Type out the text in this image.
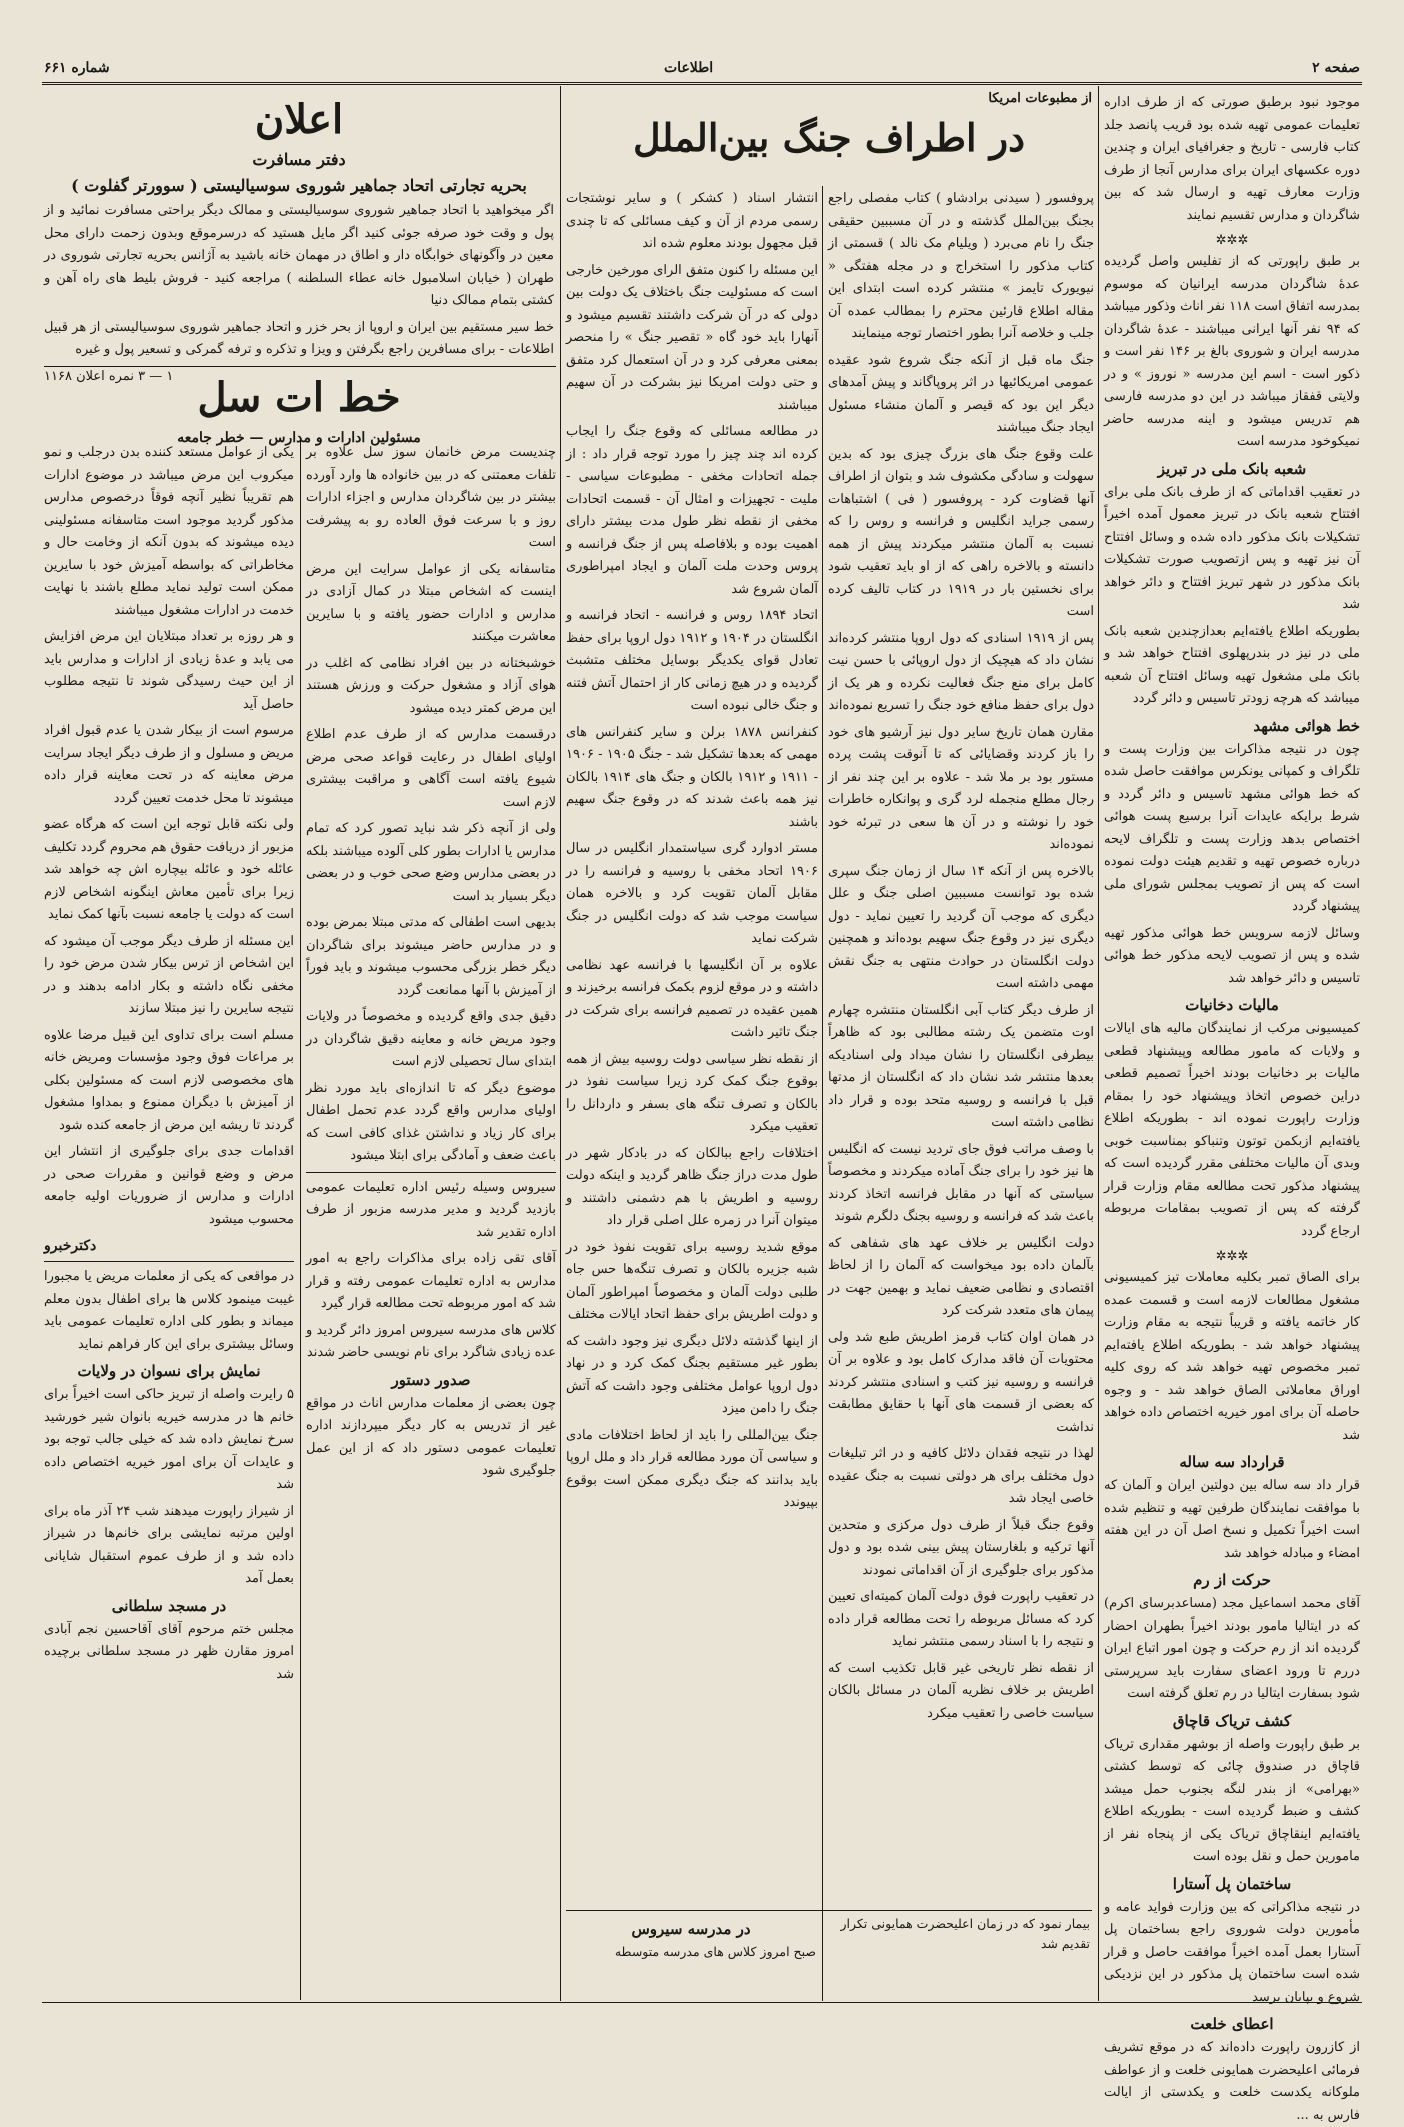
صفحه ۲
اطلاعات
شماره ۶۶۱

موجود نبود برطبق صورتی که از طرف اداره تعلیمات عمومی تهیه شده بود قریب پانصد جلد کتاب فارسی - تاریخ و جغرافیای ایران و چندین دوره عکسهای ایران برای مدارس آنجا از طرف وزارت معارف تهیه و ارسال شد که بین شاگردان و مدارس تقسیم نمایند

✲✲✲

بر طبق راپورتی که از تفلیس واصل گردیده عدهٔ شاگردان مدرسه ایرانیان که موسوم بمدرسه اتفاق است ۱۱۸ نفر اناث وذکور میباشد که ۹۴ نفر آنها ایرانی میباشند - عدهٔ شاگردان مدرسه ایران و شوروی بالغ بر ۱۴۶ نفر است و ذکور است - اسم این مدرسه « نوروز » و در ولایتی قفقاز میباشد در این دو مدرسه فارسی هم تدریس میشود و اینه مدرسه حاضر نمیکوخود مدرسه است

شعبه بانک ملی در تبریز

در تعقیب اقداماتی که از طرف بانک ملی برای افتتاح شعبه بانک در تبریز معمول آمده اخیراً تشکیلات بانک مذکور داده شده و وسائل افتتاح آن نیز تهیه و پس ازتصویب صورت تشکیلات بانک مذکور در شهر تبریز افتتاح و دائر خواهد شد

بطوریکه اطلاع یافته‌ایم بعدازچندین شعبه بانک ملی در نیز در بندرپهلوی افتتاح خواهد شد و بانک ملی مشغول تهیه وسائل افتتاح آن شعبه میباشد که هرچه زودتر تاسیس و دائر گردد

خط هوائی مشهد

چون در نتیجه مذاکرات بین وزارت پست و تلگراف و کمپانی یونکرس موافقت حاصل شده که خط هوائی مشهد تاسیس و دائر گردد و شرط برایکه عایدات آنرا برسیع پست هوائی اختصاص بدهد وزارت پست و تلگراف لایحه درباره خصوص تهیه و تقدیم هیئت دولت نموده است که پس از تصویب بمجلس شورای ملی پیشنهاد گردد

وسائل لازمه سرویس خط هوائی مذکور تهیه شده و پس از تصویب لایحه مذکور خط هوائی تاسیس و دائر خواهد شد

مالیات دخانیات

کمیسیونی مرکب از نمایندگان مالیه های ایالات و ولایات که مامور مطالعه وپیشنهاد قطعی مالیات بر دخانیات بودند اخیراً تصمیم قطعی دراین خصوص اتخاذ وپیشنهاد خود را بمقام وزارت راپورت نموده اند - بطوریکه اطلاع یافته‌ایم ازبکمن توتون وتنباکو بمناسبت خوبی وبدی آن مالیات مختلفی مقرر گردیده است که پیشنهاد مذکور تحت مطالعه مقام وزارت قرار گرفته که پس از تصویب بمقامات مربوطه ارجاع گردد

✲✲✲

برای الصاق تمبر بکلیه معاملات تیز کمیسیونی مشغول مطالعات لازمه است و قسمت عمده کار خاتمه یافته و قریباً نتیجه به مقام وزارت پیشنهاد خواهد شد - بطوریکه اطلاع یافته‌ایم تمبر مخصوص تهیه خواهد شد که روی کلیه اوراق معاملاتی الصاق خواهد شد - و وجوه حاصله آن برای امور خیریه اختصاص داده خواهد شد

قرارداد سه ساله

قرار داد سه ساله بین دولتین ایران و آلمان که با موافقت نمایندگان طرفین تهیه و تنظیم شده است اخیراً تکمیل و نسخ اصل آن در این هفته امضاء و مبادله خواهد شد

حرکت از رم

آقای محمد اسماعیل مجد (مساعدبرسای اکرم) که در ایتالیا مامور بودند اخیراً بطهران احضار گردیده اند از رم حرکت و چون امور اتباع ایران دررم تا ورود اعضای سفارت باید سرپرستی شود بسفارت ایتالیا در رم تعلق گرفته است

کشف تریاک قاچاق

بر طبق راپورت واصله از بوشهر مقداری تریاک قاچاق در صندوق چائی که توسط کشتی «بهرامی» از بندر لنگه بجنوب حمل میشد کشف و ضبط گردیده است - بطوریکه اطلاع یافته‌ایم اینقاچاق تریاک یکی از پنجاه نفر از مامورین حمل و نقل بوده است

ساختمان پل آستارا

در نتیجه مذاکراتی که بین وزارت فواید عامه و مأمورین دولت شوروی راجع بساختمان پل آستارا بعمل آمده اخیراً موافقت حاصل و قرار شده است ساختمان پل مذکور در این نزدیکی شروع و بپایان برسد

اعطای خلعت

از کازرون راپورت داده‌اند که در موقع تشریف فرمائی اعلیحضرت همایونی خلعت و از عواطف ملوکانه یکدست خلعت و یکدستی از ایالت فارس به ...

از مطبوعات امریکا
در اطراف جنگ بین‌الملل

پروفسور ( سیدنی برادشاو ) کتاب مفصلی راجع بجنگ بین‌الملل گذشته و در آن مسببین حقیقی جنگ را نام می‌برد ( ویلیام مک نالد ) قسمتی از کتاب مذکور را استخراج و در مجله هفتگی « نیویورک تایمز » منتشر کرده است ابتدای این مقاله اطلاع قارئین محترم را بمطالب عمده آن جلب و خلاصه آنرا بطور اختصار توجه مینمایند

جنگ ماه قبل از آنکه جنگ شروع شود عقیده عمومی امریکائیها در اثر پروپاگاند و پیش آمدهای دیگر این بود که قیصر و آلمان منشاء مسئول ایجاد جنگ میباشند

علت وقوع جنگ های بزرگ چیزی بود که بدین سهولت و سادگی مکشوف شد و بتوان از اطراف آنها قضاوت کرد - پروفسور ( فی ) اشتباهات رسمی جراید انگلیس و فرانسه و روس را که نسبت به آلمان منتشر میکردند پیش از همه دانسته و بالاخره راهی که از او باید تعقیب شود برای نخستین بار در ۱۹۱۹ در کتاب تالیف کرده است

پس از ۱۹۱۹ اسنادی که دول اروپا منتشر کرده‌اند نشان داد که هیچیک از دول اروپائی با حسن نیت کامل برای منع جنگ فعالیت نکرده و هر یک از دول برای حفظ منافع خود جنگ را تسریع نموده‌اند

مقارن همان تاریخ سایر دول نیز آرشیو های خود را باز کردند وقضایائی که تا آنوقت پشت پرده مستور بود بر ملا شد - علاوه بر این چند نفر از رجال مطلع منجمله لرد گری و پوانکاره خاطرات خود را نوشته و در آن ها سعی در تبرئه خود نموده‌اند

بالاخره پس از آنکه ۱۴ سال از زمان جنگ سپری شده بود توانست مسببین اصلی جنگ و علل دیگری که موجب آن گردید را تعیین نماید - دول دیگری نیز در وقوع جنگ سهیم بوده‌اند و همچنین دولت انگلستان در حوادث منتهی به جنگ نقش مهمی داشته است

از طرف دیگر کتاب آبی انگلستان منتشره چهارم اوت متضمن یک رشته مطالبی بود که ظاهراً بیطرفی انگلستان را نشان میداد ولی اسنادیکه بعدها منتشر شد نشان داد که انگلستان از مدتها قبل با فرانسه و روسیه متحد بوده و قرار داد نظامی داشته است

با وصف مراتب فوق جای تردید نیست که انگلیس ها نیز خود را برای جنگ آماده میکردند و مخصوصاً سیاستی که آنها در مقابل فرانسه اتخاذ کردند باعث شد که فرانسه و روسیه بجنگ دلگرم شوند

دولت انگلیس بر خلاف عهد های شفاهی که بآلمان داده بود میخواست که آلمان را از لحاظ اقتصادی و نظامی ضعیف نماید و بهمین جهت در پیمان های متعدد شرکت کرد

در همان اوان کتاب قرمز اطریش طبع شد ولی محتویات آن فاقد مدارک کامل بود و علاوه بر آن فرانسه و روسیه نیز کتب و اسنادی منتشر کردند که بعضی از قسمت های آنها با حقایق مطابقت نداشت

لهذا در نتیجه فقدان دلائل کافیه و در اثر تبلیغات دول مختلف برای هر دولتی نسبت به جنگ عقیده خاصی ایجاد شد

وقوع جنگ قبلاً از طرف دول مرکزی و متحدین آنها ترکیه و بلغارستان پیش بینی شده بود و دول مذکور برای جلوگیری از آن اقداماتی نمودند

در تعقیب راپورت فوق دولت آلمان کمیته‌ای تعیین کرد که مسائل مربوطه را تحت مطالعه قرار داده و نتیجه را با اسناد رسمی منتشر نماید

از نقطه نظر تاریخی غیر قابل تکذیب است که اطریش بر خلاف نظریه آلمان در مسائل بالکان سیاست خاصی را تعقیب میکرد

انتشار اسناد ( کشکر ) و سایر نوشتجات رسمی مردم از آن و کیف مسائلی که تا چندی قبل مجهول بودند معلوم شده اند

این مسئله را کنون متفق الرای مورخین خارجی است که مسئولیت جنگ باختلاف یک دولت بین دولی که در آن شرکت داشتند تقسیم میشود و آنهارا باید خود گاه « تقصیر جنگ » را منحصر بمعنی معرفی کرد و در آن استعمال کرد متفق و حتی دولت امریکا نیز بشرکت در آن سهیم میباشند

در مطالعه مسائلی که وقوع جنگ را ایجاب کرده اند چند چیز را مورد توجه قرار داد : از جمله اتحادات مخفی - مطبوعات سیاسی - ملیت - تجهیزات و امثال آن - قسمت اتحادات مخفی از نقطه نظر طول مدت بیشتر دارای اهمیت بوده و بلافاصله پس از جنگ فرانسه و پروس وحدت ملت آلمان و ایجاد امپراطوری آلمان شروع شد

اتحاد ۱۸۹۴ روس و فرانسه - اتحاد فرانسه و انگلستان در ۱۹۰۴ و ۱۹۱۲ دول اروپا برای حفظ تعادل قوای یکدیگر بوسایل مختلف متشبث گردیده و در هیچ زمانی کار از احتمال آتش فتنه و جنگ خالی نبوده است

کنفرانس ۱۸۷۸ برلن و سایر کنفرانس های مهمی که بعدها تشکیل شد - جنگ ۱۹۰۵ - ۱۹۰۶ - ۱۹۱۱ و ۱۹۱۲ بالکان و جنگ های ۱۹۱۴ بالکان نیز همه باعث شدند که در وقوع جنگ سهیم باشند

مستر ادوارد گری سیاستمدار انگلیس در سال ۱۹۰۶ اتحاد مخفی با روسیه و فرانسه را در مقابل آلمان تقویت کرد و بالاخره همان سیاست موجب شد که دولت انگلیس در جنگ شرکت نماید

علاوه بر آن انگلیسها با فرانسه عهد نظامی داشته و در موقع لزوم بکمک فرانسه برخیزند و همین عقیده در تصمیم فرانسه برای شرکت در جنگ تاثیر داشت

از نقطه نظر سیاسی دولت روسیه بیش از همه بوقوع جنگ کمک کرد زیرا سیاست نفوذ در بالکان و تصرف تنگه های بسفر و داردانل را تعقیب میکرد

اختلافات راجع ببالکان که در بادکار شهر در طول مدت دراز جنگ ظاهر گردید و اینکه دولت روسیه و اطریش با هم دشمنی داشتند و میتوان آنرا در زمره علل اصلی قرار داد

موقع شدید روسیه برای تقویت نفوذ خود در شبه جزیره بالکان و تصرف تنگه‌ها حس جاه طلبی دولت آلمان و مخصوصاً امپراطور آلمان و دولت اطریش برای حفظ اتحاد ایالات مختلف

از اینها گذشته دلائل دیگری نیز وجود داشت که بطور غیر مستقیم بجنگ کمک کرد و در نهاد دول اروپا عوامل مختلفی وجود داشت که آتش جنگ را دامن میزد

جنگ بین‌المللی را باید از لحاظ اختلافات مادی و سیاسی آن مورد مطالعه قرار داد و ملل اروپا باید بدانند که جنگ دیگری ممکن است بوقوع بپیوندد

بیمار نمود که در زمان اعلیحضرت همایونی تکرار تقدیم شد
در مدرسه سیروس
صبح امروز کلاس های مدرسه متوسطه
اعلان
دفتر مسافرت
بحریه تجارتی اتحاد جماهیر شوروی سوسیالیستی ( سوورتر گفلوت )

اگر میخواهید با اتحاد جماهیر شوروی سوسیالیستی و ممالک دیگر براحتی مسافرت نمائید و از پول و وقت خود صرفه جوئی کنید اگر مایل هستید که درسرموقع وبدون زحمت دارای محل معین در وآگونهای خوابگاه دار و اطاق در مهمان خانه باشید به آژانس بحریه تجارتی شوروی در طهران ( خیابان اسلامبول خانه عطاء السلطنه ) مراجعه کنید - فروش بلیط های راه آهن و کشتی بتمام ممالک دنیا

خط سیر مستقیم بین ایران و اروپا از بحر خزر و اتحاد جماهیر شوروی سوسیالیستی از هر قبیل اطلاعات - برای مسافرین راجع بگرفتن و ویزا و تذکره و ترفه گمرکی و تسعیر پول و غیره

۱ — ۳ نمره اعلان ۱۱۶۸ خط ات سل
مسئولین ادارات و مدارس — خطر جامعه

یکی از عوامل مستعد کننده بدن درجلب و نمو میکروب این مرض میباشد در موضوع ادارات هم تقریباً نظیر آنچه فوقاً درخصوص مدارس مذکور گردید موجود است متاسفانه مسئولینی دیده میشوند که بدون آنکه از وخامت حال و مخاطراتی که بواسطه آمیزش خود با سایرین ممکن است تولید نماید مطلع باشند با نهایت خدمت در ادارات مشغول میباشند

و هر روزه بر تعداد مبتلایان این مرض افزایش می یابد و عدهٔ زیادی از ادارات و مدارس باید از این حیث رسیدگی شوند تا نتیجه مطلوب حاصل آید

مرسوم است از بیکار شدن یا عدم قبول افراد مریض و مسلول و از طرف دیگر ایجاد سرایت مرض معاینه که در تحت معاینه قرار داده میشوند تا محل خدمت تعیین گردد

ولی نکته قابل توجه این است که هرگاه عضو مزبور از دریافت حقوق هم محروم گردد تکلیف عائله خود و عائله بیچاره اش چه خواهد شد زیرا برای تأمین معاش اینگونه اشخاص لازم است که دولت یا جامعه نسبت بآنها کمک نماید

این مسئله از طرف دیگر موجب آن میشود که این اشخاص از ترس بیکار شدن مرض خود را مخفی نگاه داشته و بکار ادامه بدهند و در نتیجه سایرین را نیز مبتلا سازند

مسلم است برای تداوی این قبیل مرضا علاوه بر مراعات فوق وجود مؤسسات ومریض خانه های مخصوصی لازم است که مسئولین بکلی از آمیزش با دیگران ممنوع و بمداوا مشغول گردند تا ریشه این مرض از جامعه کنده شود

اقدامات جدی برای جلوگیری از انتشار این مرض و وضع قوانین و مقررات صحی در ادارات و مدارس از ضروریات اولیه جامعه محسوب میشود

دکترخبرو

در مواقعی که یکی از معلمات مریض یا مجبورا غیبت مینمود کلاس ها برای اطفال بدون معلم میماند و بطور کلی اداره تعلیمات عمومی باید وسائل بیشتری برای این کار فراهم نماید

نمایش برای نسوان در ولایات

۵ رایرت واصله از تبریز حاکی است اخیراً برای خانم ها در مدرسه خیریه بانوان شیر خورشید سرخ نمایش داده شد که خیلی جالب توجه بود و عایدات آن برای امور خیریه اختصاص داده شد

از شیراز راپورت میدهند شب ۲۴ آذر ماه برای اولین مرتبه نمایشی برای خانم‌ها در شیراز داده شد و از طرف عموم استقبال شایانی بعمل آمد

در مسجد سلطانی

مجلس ختم مرحوم آقای آقاحسین نجم آبادی امروز مقارن ظهر در مسجد سلطانی برچیده شد

چندیست مرض خانمان سوز سل علاوه بر تلفات معمتنی که در بین خانواده ها وارد آورده بیشتر در بین شاگردان مدارس و اجزاء ادارات روز و با سرعت فوق العاده رو به پیشرفت است

متاسفانه یکی از عوامل سرایت این مرض اینست که اشخاص مبتلا در کمال آزادی در مدارس و ادارات حضور یافته و با سایرین معاشرت میکنند

خوشبختانه در بین افراد نظامی که اغلب در هوای آزاد و مشغول حرکت و ورزش هستند این مرض کمتر دیده میشود

درقسمت مدارس که از طرف عدم اطلاع اولیای اطفال در رعایت قواعد صحی مرض شیوع یافته است آگاهی و مراقبت بیشتری لازم است

ولی از آنچه ذکر شد نباید تصور کرد که تمام مدارس یا ادارات بطور کلی آلوده میباشند بلکه در بعضی مدارس وضع صحی خوب و در بعضی دیگر بسیار بد است

بدیهی است اطفالی که مدتی مبتلا بمرض بوده و در مدارس حاضر میشوند برای شاگردان دیگر خطر بزرگی محسوب میشوند و باید فوراً از آمیزش با آنها ممانعت گردد

دقیق جدی واقع گردیده و مخصوصاً در ولایات وجود مریض خانه و معاینه دقیق شاگردان در ابتدای سال تحصیلی لازم است

موضوع دیگر که تا اندازه‌ای باید مورد نظر اولیای مدارس واقع گردد عدم تحمل اطفال برای کار زیاد و نداشتن غذای کافی است که باعث ضعف و آمادگی برای ابتلا میشود

سیروس وسیله رئیس اداره تعلیمات عمومی بازدید گردید و مدیر مدرسه مزبور از طرف اداره تقدیر شد

آقای تقی زاده برای مذاکرات راجع به امور مدارس به اداره تعلیمات عمومی رفته و قرار شد که امور مربوطه تحت مطالعه قرار گیرد

کلاس های مدرسه سیروس امروز دائر گردید و عده زیادی شاگرد برای نام نویسی حاضر شدند

صدور دستور

چون بعضی از معلمات مدارس اناث در مواقع غیر از تدریس به کار دیگر میپردازند اداره تعلیمات عمومی دستور داد که از این عمل جلوگیری شود
